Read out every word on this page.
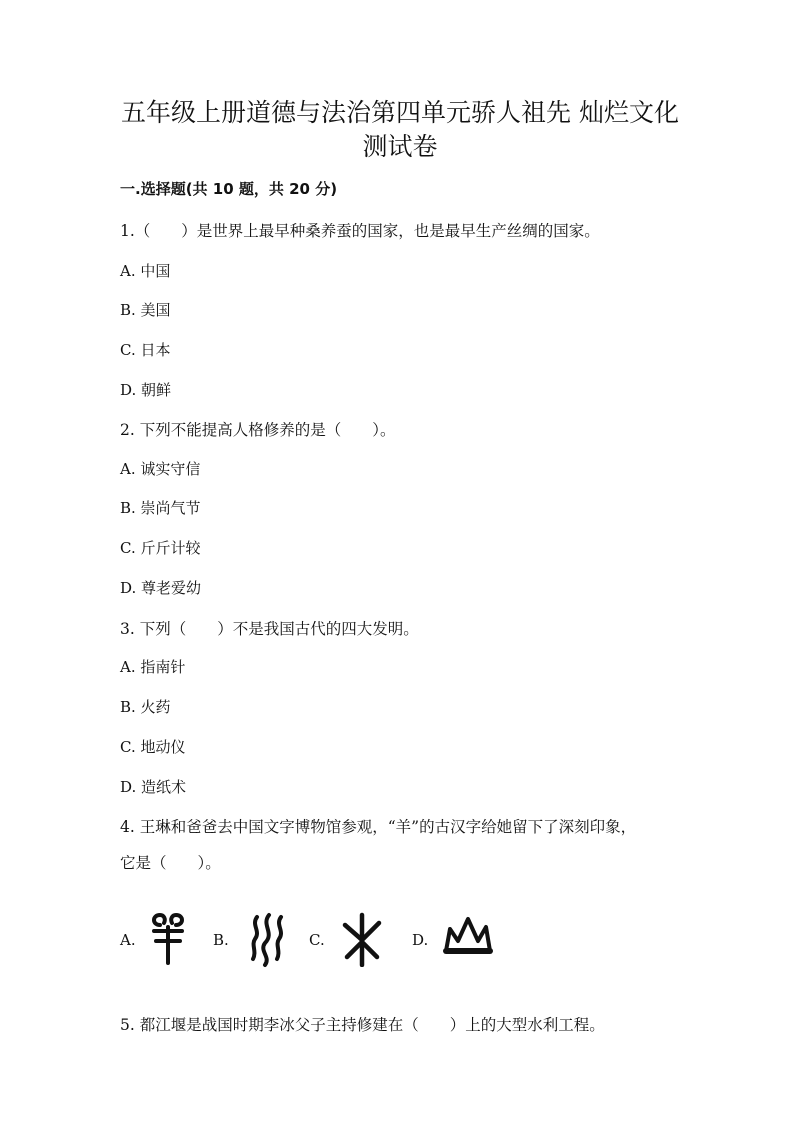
五年级上册道德与法治第四单元骄人祖先 灿烂文化
测试卷
一.选择题(共 10 题，共 20 分)
1.（　　）是世界上最早种桑养蚕的国家，也是最早生产丝绸的国家。
A. 中国
B. 美国
C. 日本
D. 朝鲜
2. 下列不能提高人格修养的是（　　）。
A. 诚实守信
B. 崇尚气节
C. 斤斤计较
D. 尊老爱幼
3. 下列（　　）不是我国古代的四大发明。
A. 指南针
B. 火药
C. 地动仪
D. 造纸术
4. 王琳和爸爸去中国文字博物馆参观，“羊”的古汉字给她留下了深刻印象，
它是（　　）。
A.	B.	C.	D.
5. 都江堰是战国时期李冰父子主持修建在（　　）上的大型水利工程。
